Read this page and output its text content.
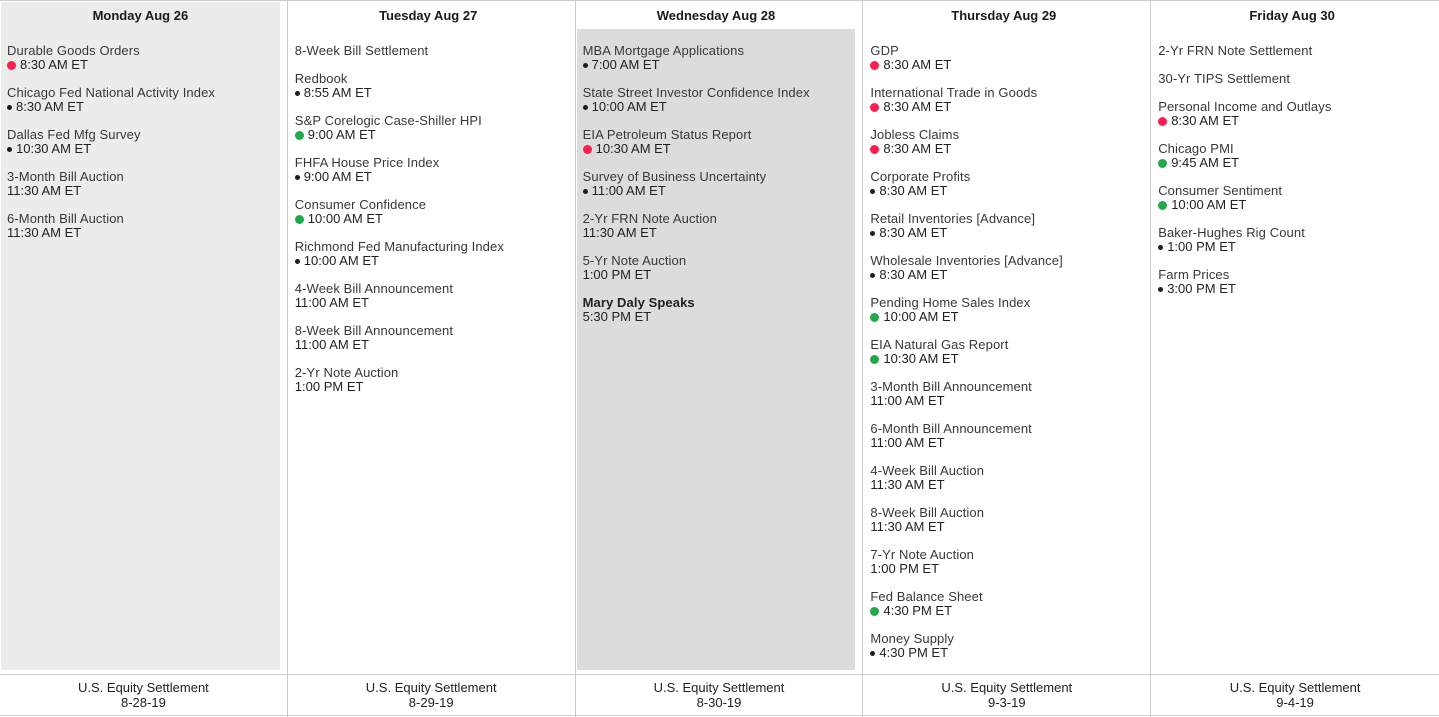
Monday Aug 26
Durable Goods Orders
8:30 AM ET
Chicago Fed National Activity Index
8:30 AM ET
Dallas Fed Mfg Survey
10:30 AM ET
3-Month Bill Auction
11:30 AM ET
6-Month Bill Auction
11:30 AM ET
U.S. Equity Settlement
8-28-19
Tuesday Aug 27
8-Week Bill Settlement
Redbook
8:55 AM ET
S&P Corelogic Case-Shiller HPI
9:00 AM ET
FHFA House Price Index
9:00 AM ET
Consumer Confidence
10:00 AM ET
Richmond Fed Manufacturing Index
10:00 AM ET
4-Week Bill Announcement
11:00 AM ET
8-Week Bill Announcement
11:00 AM ET
2-Yr Note Auction
1:00 PM ET
U.S. Equity Settlement
8-29-19
Wednesday Aug 28
MBA Mortgage Applications
7:00 AM ET
State Street Investor Confidence Index
10:00 AM ET
EIA Petroleum Status Report
10:30 AM ET
Survey of Business Uncertainty
11:00 AM ET
2-Yr FRN Note Auction
11:30 AM ET
5-Yr Note Auction
1:00 PM ET
Mary Daly Speaks
5:30 PM ET
U.S. Equity Settlement
8-30-19
Thursday Aug 29
GDP
8:30 AM ET
International Trade in Goods
8:30 AM ET
Jobless Claims
8:30 AM ET
Corporate Profits
8:30 AM ET
Retail Inventories [Advance]
8:30 AM ET
Wholesale Inventories [Advance]
8:30 AM ET
Pending Home Sales Index
10:00 AM ET
EIA Natural Gas Report
10:30 AM ET
3-Month Bill Announcement
11:00 AM ET
6-Month Bill Announcement
11:00 AM ET
4-Week Bill Auction
11:30 AM ET
8-Week Bill Auction
11:30 AM ET
7-Yr Note Auction
1:00 PM ET
Fed Balance Sheet
4:30 PM ET
Money Supply
4:30 PM ET
U.S. Equity Settlement
9-3-19
Friday Aug 30
2-Yr FRN Note Settlement
30-Yr TIPS Settlement
Personal Income and Outlays
8:30 AM ET
Chicago PMI
9:45 AM ET
Consumer Sentiment
10:00 AM ET
Baker-Hughes Rig Count
1:00 PM ET
Farm Prices
3:00 PM ET
U.S. Equity Settlement
9-4-19
